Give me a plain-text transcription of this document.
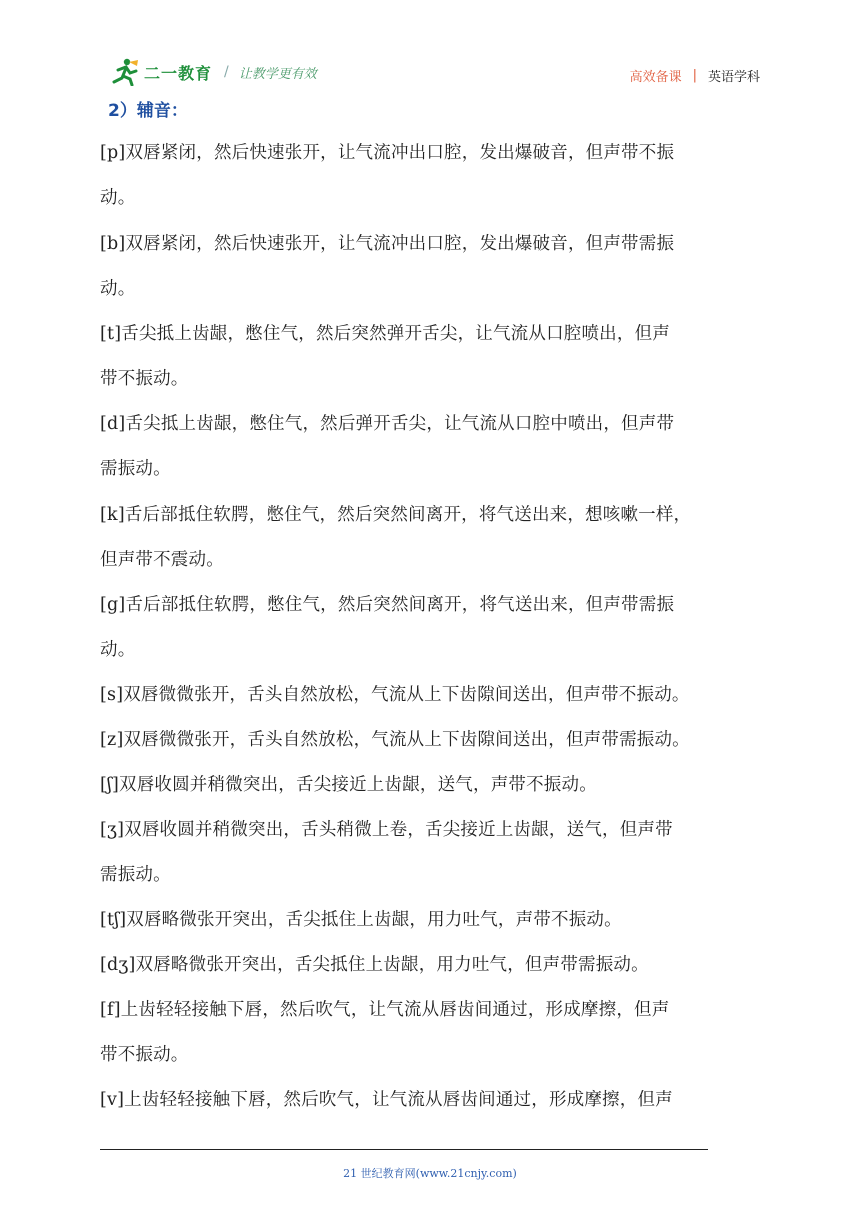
二一教育 / 让教学更有效	高效备课 | 英语学科
2）辅音：
[p]双唇紧闭，然后快速张开，让气流冲出口腔，发出爆破音，但声带不振
动。
[b]双唇紧闭，然后快速张开，让气流冲出口腔，发出爆破音，但声带需振
动。
[t]舌尖抵上齿龈，憋住气，然后突然弹开舌尖，让气流从口腔喷出，但声
带不振动。
[d]舌尖抵上齿龈，憋住气，然后弹开舌尖，让气流从口腔中喷出，但声带
需振动。
[k]舌后部抵住软腭，憋住气，然后突然间离开，将气送出来，想咳嗽一样，
但声带不震动。
[g]舌后部抵住软腭，憋住气，然后突然间离开，将气送出来，但声带需振
动。
[s]双唇微微张开，舌头自然放松，气流从上下齿隙间送出，但声带不振动。
[z]双唇微微张开，舌头自然放松，气流从上下齿隙间送出，但声带需振动。
[ʃ]双唇收圆并稍微突出，舌尖接近上齿龈，送气，声带不振动。
[ʒ]双唇收圆并稍微突出，舌头稍微上卷，舌尖接近上齿龈，送气，但声带
需振动。
[tʃ]双唇略微张开突出，舌尖抵住上齿龈，用力吐气，声带不振动。
[dʒ]双唇略微张开突出，舌尖抵住上齿龈，用力吐气，但声带需振动。
[f]上齿轻轻接触下唇，然后吹气，让气流从唇齿间通过，形成摩擦，但声
带不振动。
[v]上齿轻轻接触下唇，然后吹气，让气流从唇齿间通过，形成摩擦，但声
21 世纪教育网(www.21cnjy.com)
